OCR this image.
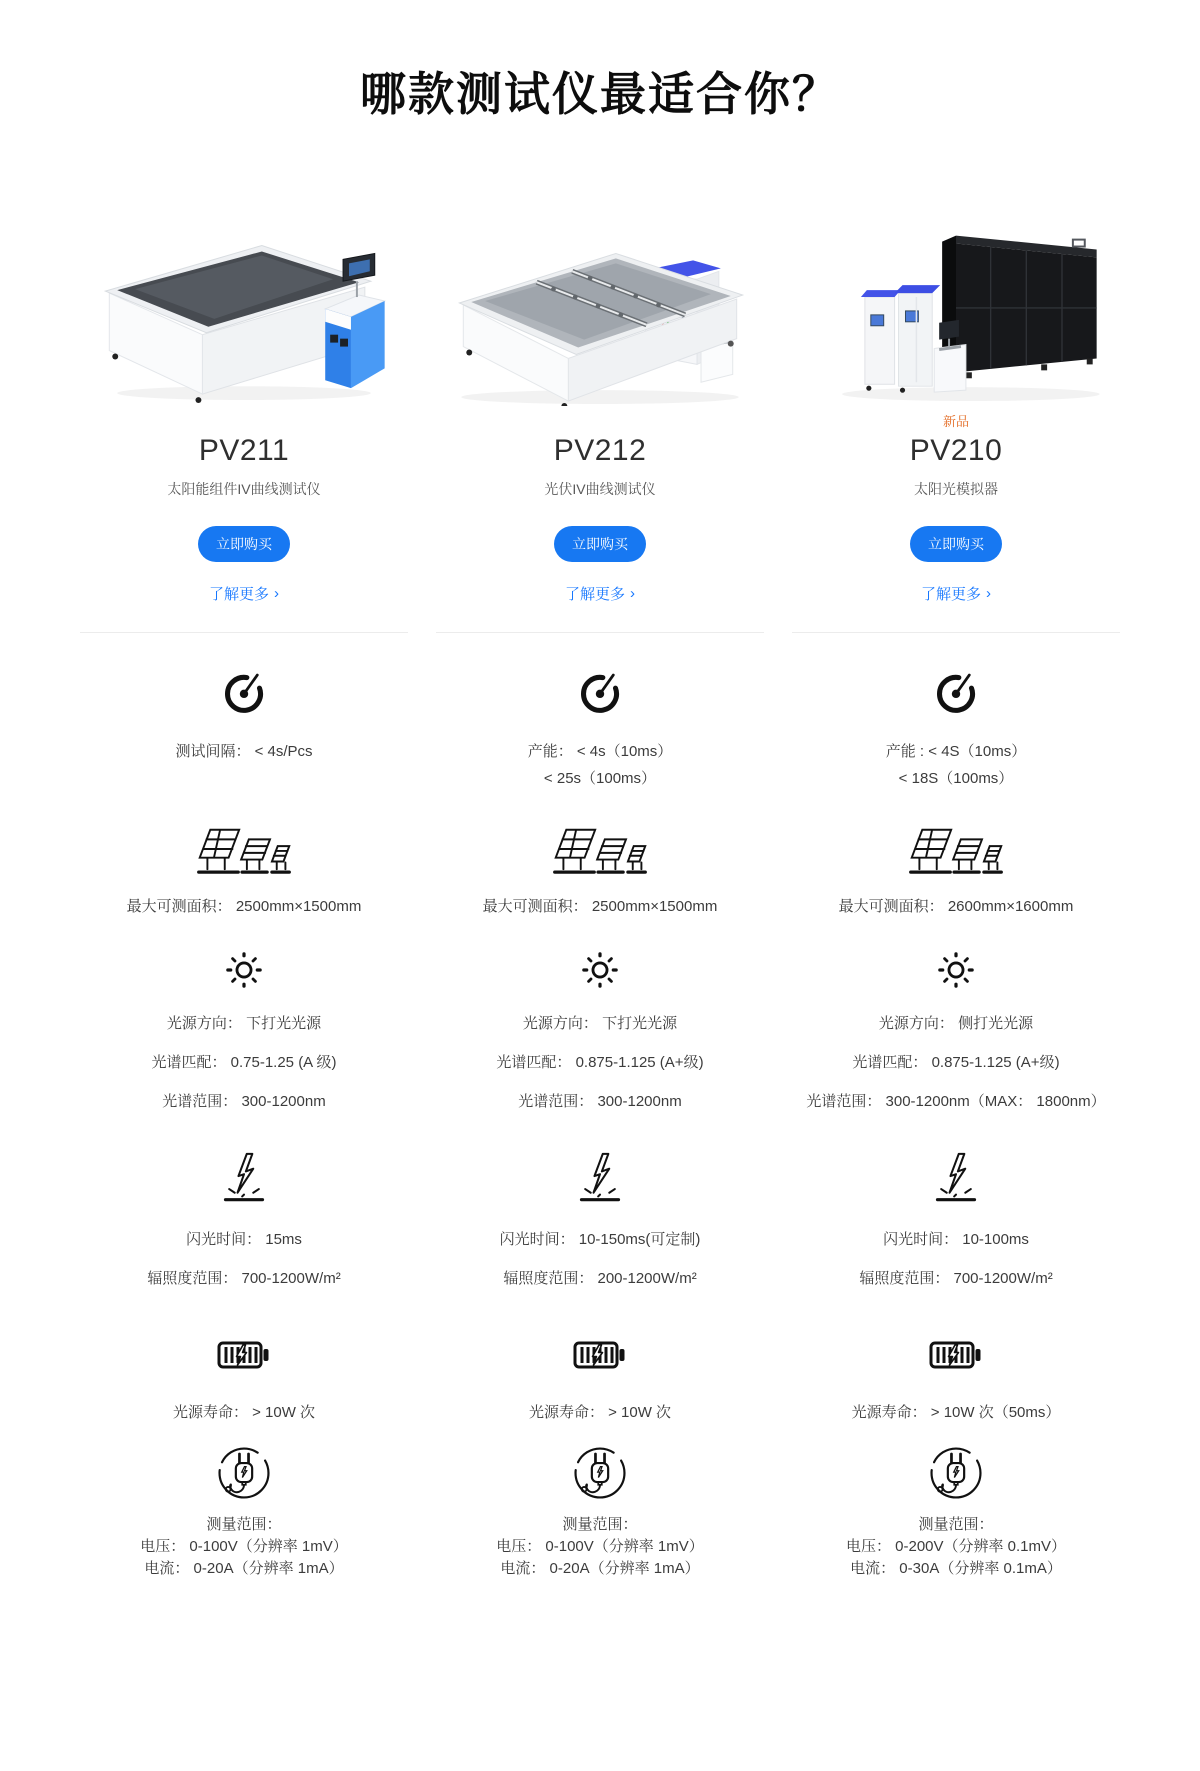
哪款测试仪最适合你？
PV211
太阳能组件IV曲线测试仪
立即购买
了解更多 ›
测试间隔： < 4s/Pcs
最大可测面积： 2500mm×1500mm
光源方向： 下打光光源
光谱匹配： 0.75-1.25 (A 级)
光谱范围： 300-1200nm
闪光时间： 15ms
辐照度范围： 700-1200W/m²
光源寿命： > 10W 次
测量范围：
电压： 0-100V（分辨率 1mV）
电流： 0-20A（分辨率 1mA）
PV212
光伏IV曲线测试仪
立即购买
了解更多 ›
产能： < 4s（10ms）
< 25s（100ms）
最大可测面积： 2500mm×1500mm
光源方向： 下打光光源
光谱匹配： 0.875-1.125 (A+级)
光谱范围： 300-1200nm
闪光时间： 10-150ms(可定制)
辐照度范围： 200-1200W/m²
光源寿命： > 10W 次
测量范围：
电压： 0-100V（分辨率 1mV）
电流： 0-20A（分辨率 1mA）
新品
PV210
太阳光模拟器
立即购买
了解更多 ›
产能 : < 4S（10ms）
< 18S（100ms）
最大可测面积： 2600mm×1600mm
光源方向： 侧打光光源
光谱匹配： 0.875-1.125 (A+级)
光谱范围： 300-1200nm（MAX： 1800nm）
闪光时间： 10-100ms
辐照度范围： 700-1200W/m²
光源寿命： > 10W 次（50ms）
测量范围：
电压： 0-200V（分辨率 0.1mV）
电流： 0-30A（分辨率 0.1mA）
